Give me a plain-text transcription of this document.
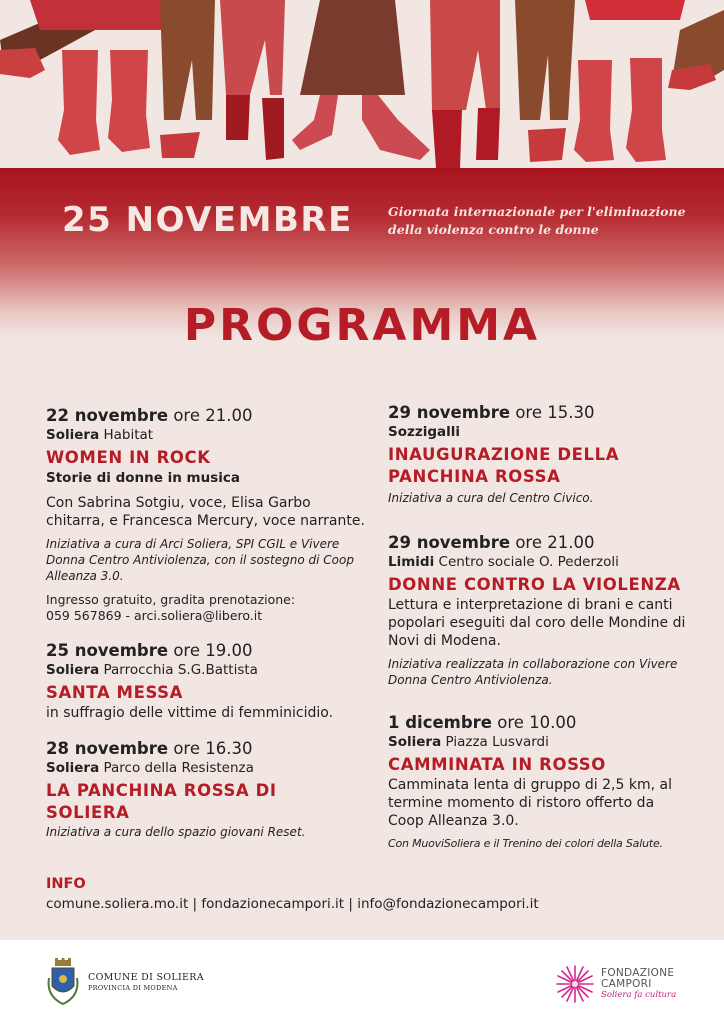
25 NOVEMBRE	Giornata internazionale per l'eliminazione
della violenza contro le donne
PROGRAMMA
22 novembre ore 21.00
Soliera Habitat
WOMEN IN ROCK
Storie di donne in musica
Con Sabrina Sotgiu, voce, Elisa Garbo chitarra, e Francesca Mercury, voce narrante.
Iniziativa a cura di Arci Soliera, SPI CGIL e Vivere Donna Centro Antiviolenza, con il sostegno di Coop Alleanza 3.0.
Ingresso gratuito, gradita prenotazione:
059 567869 - arci.soliera@libero.it
25 novembre ore 19.00
Soliera Parrocchia S.G.Battista
SANTA MESSA
in suffragio delle vittime di femminicidio.
28 novembre ore 16.30
Soliera Parco della Resistenza
LA PANCHINA ROSSA DI SOLIERA
Iniziativa a cura dello spazio giovani Reset.
29 novembre ore 15.30
Sozzigalli
INAUGURAZIONE DELLA
PANCHINA ROSSA
Iniziativa a cura del Centro Civico.
29 novembre ore 21.00
Limidi Centro sociale O. Pederzoli
DONNE CONTRO LA VIOLENZA
Lettura e interpretazione di brani e canti popolari eseguiti dal coro delle Mondine di Novi di Modena.
Iniziativa realizzata in collaborazione con Vivere Donna Centro Antiviolenza.
1 dicembre ore 10.00
Soliera Piazza Lusvardi
CAMMINATA IN ROSSO
Camminata lenta di gruppo di 2,5 km, al termine momento di ristoro offerto da Coop Alleanza 3.0.
Con MuoviSoliera e il Trenino dei colori della Salute.
INFO
comune.soliera.mo.it | fondazionecampori.it | info@fondazionecampori.it
COMUNE DI SOLIERA
PROVINCIA DI MODENA
FONDAZIONE
CAMPORI
Soliera fa cultura
